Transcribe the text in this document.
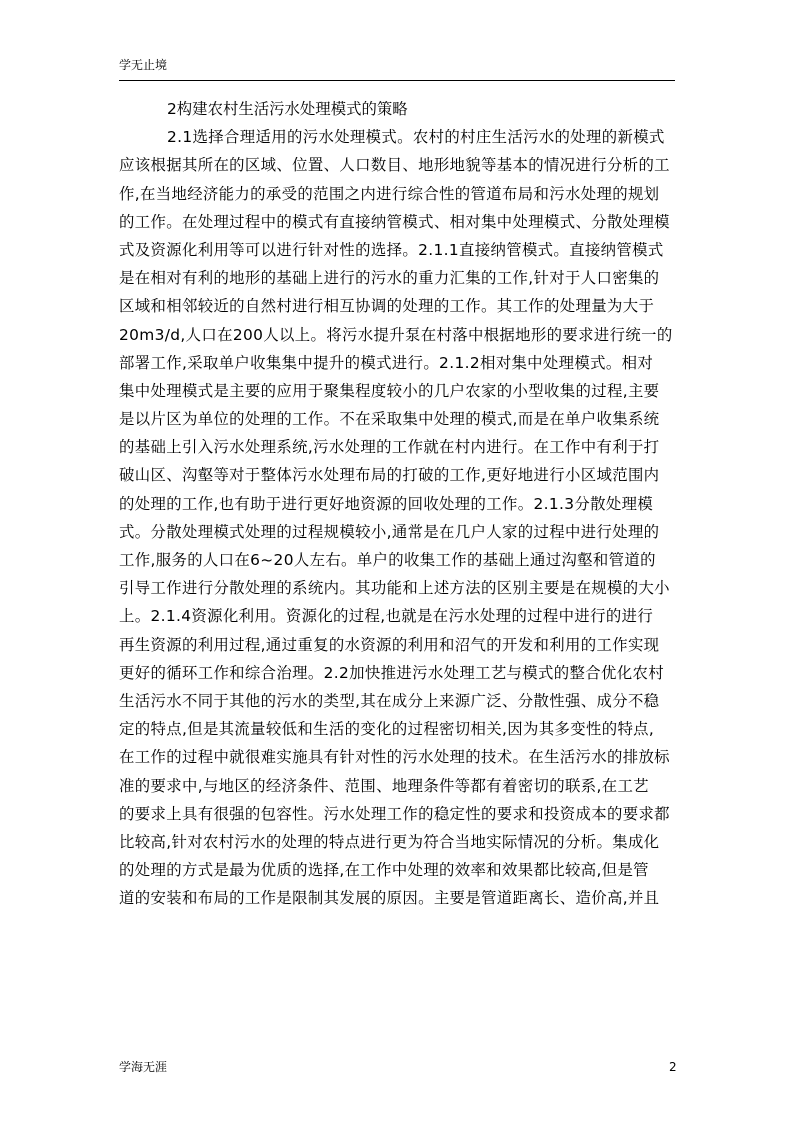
学无止境
2构建农村生活污水处理模式的策略
2.1选择合理适用的污水处理模式。农村的村庄生活污水的处理的新模式
应该根据其所在的区域、位置、人口数目、地形地貌等基本的情况进行分析的工
作,在当地经济能力的承受的范围之内进行综合性的管道布局和污水处理的规划
的工作。在处理过程中的模式有直接纳管模式、相对集中处理模式、分散处理模
式及资源化利用等可以进行针对性的选择。2.1.1直接纳管模式。直接纳管模式
是在相对有利的地形的基础上进行的污水的重力汇集的工作,针对于人口密集的
区域和相邻较近的自然村进行相互协调的处理的工作。其工作的处理量为大于
20m3/d,人口在200人以上。将污水提升泵在村落中根据地形的要求进行统一的
部署工作,采取单户收集集中提升的模式进行。2.1.2相对集中处理模式。相对
集中处理模式是主要的应用于聚集程度较小的几户农家的小型收集的过程,主要
是以片区为单位的处理的工作。不在采取集中处理的模式,而是在单户收集系统
的基础上引入污水处理系统,污水处理的工作就在村内进行。在工作中有利于打
破山区、沟壑等对于整体污水处理布局的打破的工作,更好地进行小区域范围内
的处理的工作,也有助于进行更好地资源的回收处理的工作。2.1.3分散处理模
式。分散处理模式处理的过程规模较小,通常是在几户人家的过程中进行处理的
工作,服务的人口在6~20人左右。单户的收集工作的基础上通过沟壑和管道的
引导工作进行分散处理的系统内。其功能和上述方法的区别主要是在规模的大小
上。2.1.4资源化利用。资源化的过程,也就是在污水处理的过程中进行的进行
再生资源的利用过程,通过重复的水资源的利用和沼气的开发和利用的工作实现
更好的循环工作和综合治理。2.2加快推进污水处理工艺与模式的整合优化农村
生活污水不同于其他的污水的类型,其在成分上来源广泛、分散性强、成分不稳
定的特点,但是其流量较低和生活的变化的过程密切相关,因为其多变性的特点,
在工作的过程中就很难实施具有针对性的污水处理的技术。在生活污水的排放标
准的要求中,与地区的经济条件、范围、地理条件等都有着密切的联系,在工艺
的要求上具有很强的包容性。污水处理工作的稳定性的要求和投资成本的要求都
比较高,针对农村污水的处理的特点进行更为符合当地实际情况的分析。集成化
的处理的方式是最为优质的选择,在工作中处理的效率和效果都比较高,但是管
道的安装和布局的工作是限制其发展的原因。主要是管道距离长、造价高,并且
学海无涯	2
